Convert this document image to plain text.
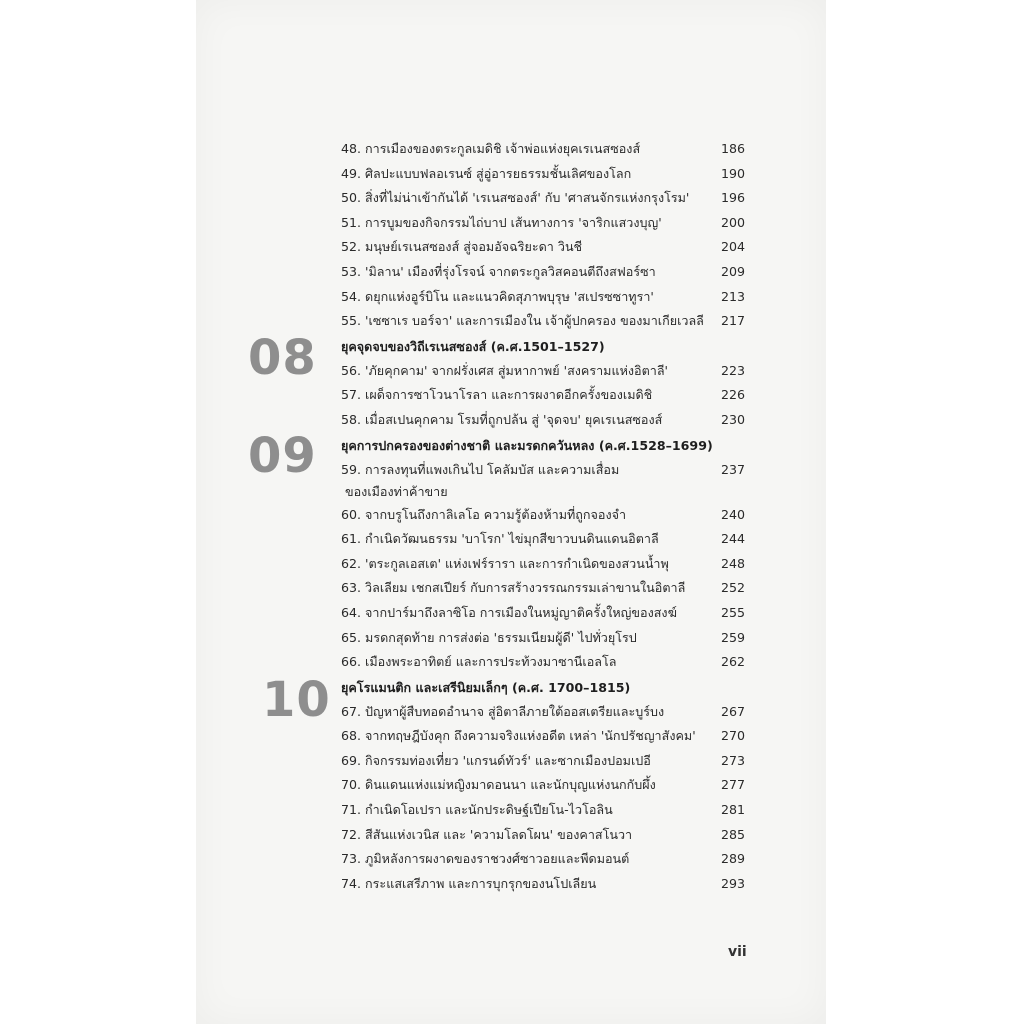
08
09
10
48. การเมืองของตระกูลเมดิชิ เจ้าพ่อแห่งยุคเรเนสซองส์	186
49. ศิลปะแบบฟลอเรนซ์ สู่อู่อารยธรรมชั้นเลิศของโลก	190
50. สิ่งที่ไม่น่าเข้ากันได้ 'เรเนสซองส์' กับ 'ศาสนจักรแห่งกรุงโรม'	196
51. การบูมของกิจกรรมไถ่บาป เส้นทางการ 'จาริกแสวงบุญ'	200
52. มนุษย์เรเนสซองส์ สู่จอมอัจฉริยะดา วินชี	204
53. 'มิลาน' เมืองที่รุ่งโรจน์ จากตระกูลวิสคอนตีถึงสฟอร์ซา	209
54. ดยุกแห่งอูร์บิโน และแนวคิดสุภาพบุรุษ 'สเปรซซาทูรา'	213
55. 'เซซาเร บอร์จา' และการเมืองใน เจ้าผู้ปกครอง ของมาเกียเวลลี 217
ยุคจุดจบของวิถีเรเนสซองส์ (ค.ศ.1501–1527)
56. 'ภัยคุกคาม' จากฝรั่งเศส สู่มหากาพย์ 'สงครามแห่งอิตาลี'	223
57. เผด็จการซาโวนาโรลา และการผงาดอีกครั้งของเมดิชิ	226
58. เมื่อสเปนคุกคาม โรมที่ถูกปล้น สู่ 'จุดจบ' ยุคเรเนสซองส์	230
ยุคการปกครองของต่างชาติ และมรดกควันหลง (ค.ศ.1528–1699)
59. การลงทุนที่แพงเกินไป โคลัมบัส และความเสื่อม
ของเมืองท่าค้าขาย
237
60. จากบรูโนถึงกาลิเลโอ ความรู้ต้องห้ามที่ถูกจองจำ	240
61. กำเนิดวัฒนธรรม 'บาโรก' ไข่มุกสีขาวบนดินแดนอิตาลี	244
62. 'ตระกูลเอสเต' แห่งเฟร์รารา และการกำเนิดของสวนน้ำพุ	248
63. วิลเลียม เชกสเปียร์ กับการสร้างวรรณกรรมเล่าขานในอิตาลี	252
64. จากปาร์มาถึงลาซิโอ การเมืองในหมู่ญาติครั้งใหญ่ของสงฆ์	255
65. มรดกสุดท้าย การส่งต่อ 'ธรรมเนียมผู้ดี' ไปทั่วยุโรป	259
66. เมืองพระอาทิตย์ และการประท้วงมาซานีเอลโล	262
ยุคโรแมนติก และเสรีนิยมเล็กๆ (ค.ศ. 1700–1815)
67. ปัญหาผู้สืบทอดอำนาจ สู่อิตาลีภายใต้ออสเตรียและบูร์บง	267
68. จากทฤษฎีบังคุก ถึงความจริงแห่งอดีต เหล่า 'นักปรัชญาสังคม' 270
69. กิจกรรมท่องเที่ยว 'แกรนด์ทัวร์' และซากเมืองปอมเปอี	273
70. ดินแดนแห่งแม่หญิงมาดอนนา และนักบุญแห่งนกกับผึ้ง	277
71. กำเนิดโอเปรา และนักประดิษฐ์เปียโน-ไวโอลิน	281
72. สีสันแห่งเวนิส และ 'ความโลดโผน' ของคาสโนวา	285
73. ภูมิหลังการผงาดของราชวงศ์ซาวอยและพีดมอนต์	289
74. กระแสเสรีภาพ และการบุกรุกของนโปเลียน	293
vii
